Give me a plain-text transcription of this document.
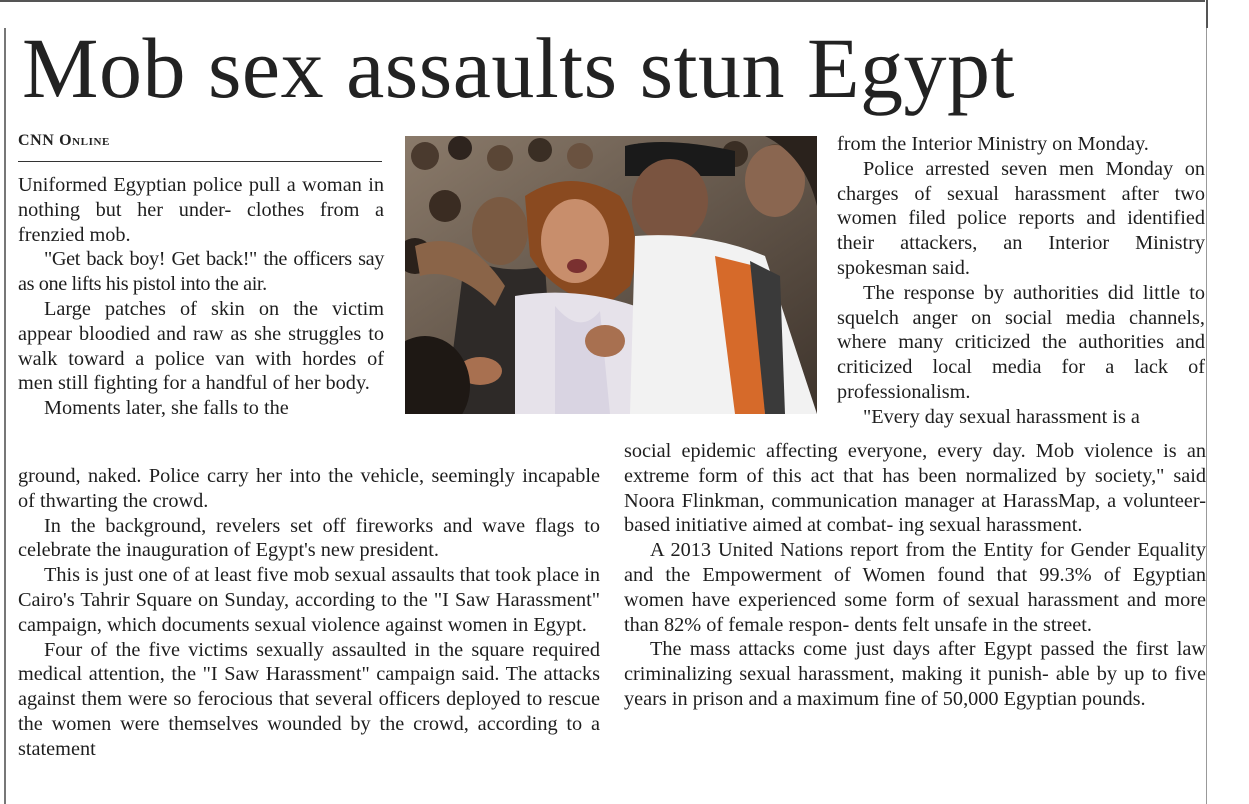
Mob sex assaults stun Egypt
CNN Online

Uniformed Egyptian police pull a woman in nothing but her under- clothes from a frenzied mob.

"Get back boy! Get back!" the officers say as one lifts his pistol into the air.

Large patches of skin on the victim appear bloodied and raw as she struggles to walk toward a police van with hordes of men still fighting for a handful of her body.

Moments later, she falls to the

ground, naked. Police carry her into the vehicle, seemingly incapable of thwarting the crowd.

In the background, revelers set off fireworks and wave flags to celebrate the inauguration of Egypt's new president.

This is just one of at least five mob sexual assaults that took place in Cairo's Tahrir Square on Sunday, according to the "I Saw Harassment" campaign, which documents sexual violence against women in Egypt.

Four of the five victims sexually assaulted in the square required medical attention, the "I Saw Harassment" campaign said. The attacks against them were so ferocious that several officers deployed to rescue the women were themselves wounded by the crowd, according to a statement

from the Interior Ministry on Monday.

Police arrested seven men Monday on charges of sexual harassment after two women filed police reports and identified their attackers, an Interior Ministry spokesman said.

The response by authorities did little to squelch anger on social media channels, where many criticized the authorities and criticized local media for a lack of professionalism.

"Every day sexual harassment is a

social epidemic affecting everyone, every day. Mob violence is an extreme form of this act that has been normalized by society," said Noora Flinkman, communication manager at HarassMap, a volunteer-based initiative aimed at combat- ing sexual harassment.

A 2013 United Nations report from the Entity for Gender Equality and the Empowerment of Women found that 99.3% of Egyptian women have experienced some form of sexual harassment and more than 82% of female respon- dents felt unsafe in the street.

The mass attacks come just days after Egypt passed the first law criminalizing sexual harassment, making it punish- able by up to five years in prison and a maximum fine of 50,000 Egyptian pounds.
